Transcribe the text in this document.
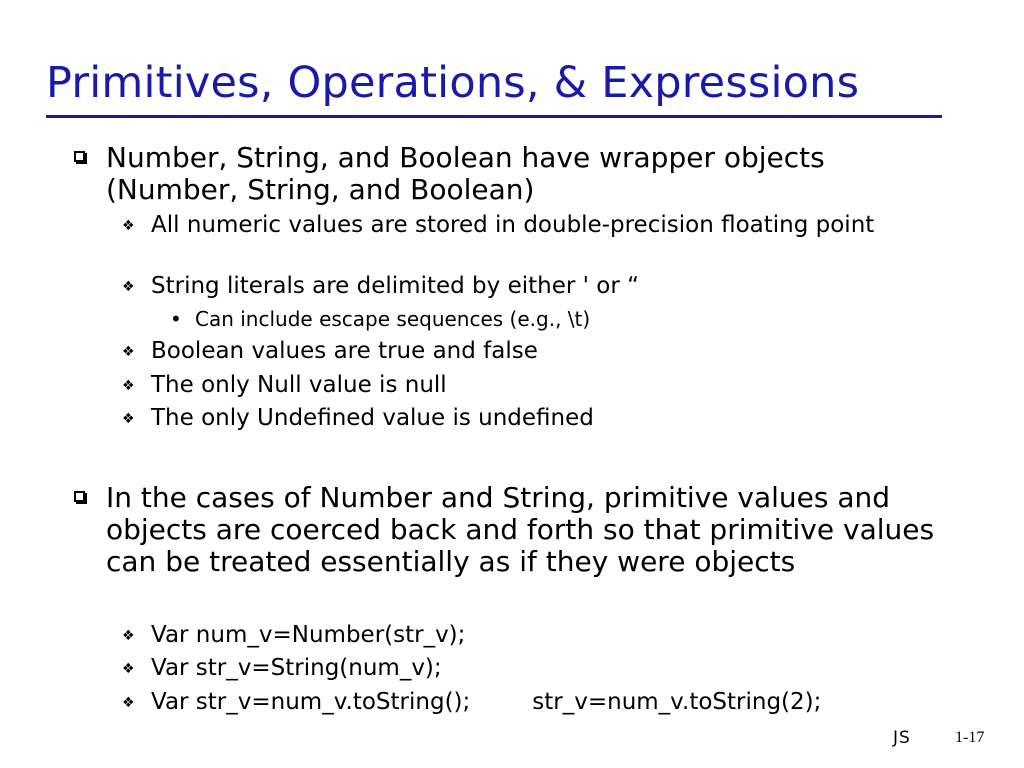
Primitives, Operations, & Expressions
Number, String, and Boolean have wrapper objects (Number, String, and Boolean)
❖ All numeric values are stored in double-precision floating point
❖ String literals are delimited by either ' or “
• Can include escape sequences (e.g., \t)
❖ Boolean values are true and false
❖ The only Null value is null
❖ The only Undefined value is undefined
In the cases of Number and String, primitive values and objects are coerced back and forth so that primitive values can be treated essentially as if they were objects
❖ Var num_v=Number(str_v);
❖ Var str_v=String(num_v);
❖ Var str_v=num_v.toString();	str_v=num_v.toString(2);
JS	1-17
